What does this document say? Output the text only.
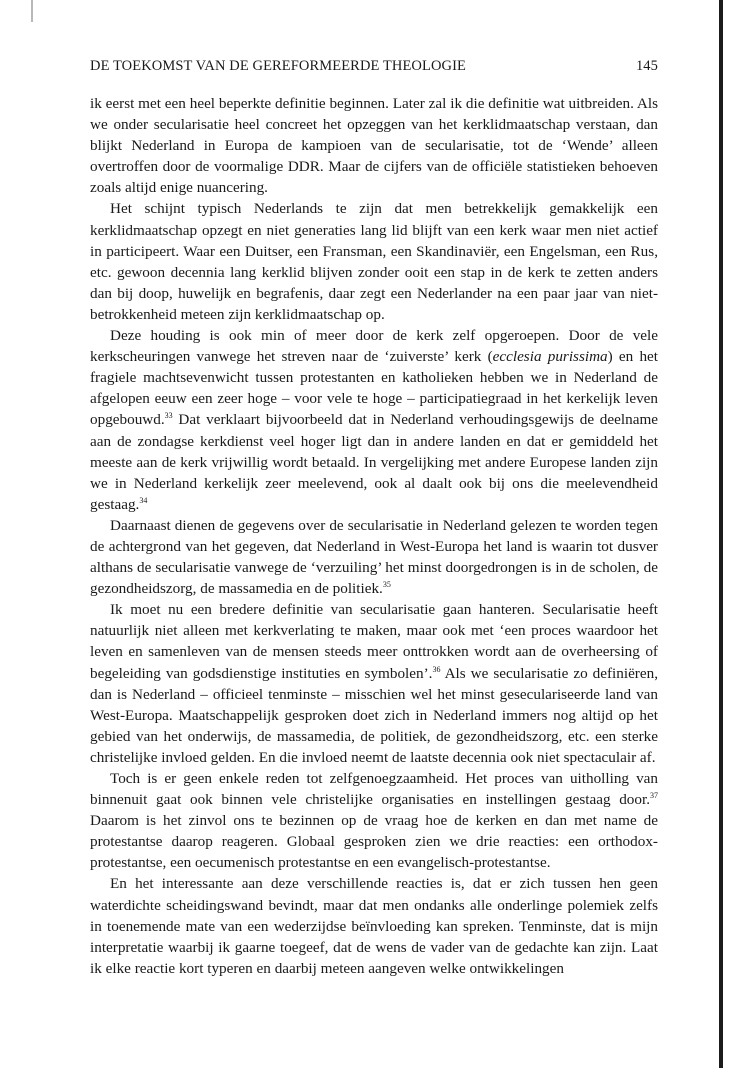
DE TOEKOMST VAN DE GEREFORMEERDE THEOLOGIE	145

ik eerst met een heel beperkte definitie beginnen. Later zal ik die definitie wat uitbreiden. Als we onder secularisatie heel concreet het opzeggen van het kerklidmaatschap verstaan, dan blijkt Nederland in Europa de kampioen van de secularisatie, tot de ‘Wende’ alleen overtroffen door de voormalige DDR. Maar de cijfers van de officiële statistieken behoeven zoals altijd enige nuancering.

Het schijnt typisch Nederlands te zijn dat men betrekkelijk gemakkelijk een kerklidmaatschap opzegt en niet generaties lang lid blijft van een kerk waar men niet actief in participeert. Waar een Duitser, een Fransman, een Skandinaviër, een Engelsman, een Rus, etc. gewoon decennia lang kerklid blijven zonder ooit een stap in de kerk te zetten anders dan bij doop, huwelijk en begrafenis, daar zegt een Nederlander na een paar jaar van niet-betrokkenheid meteen zijn kerklidmaatschap op.

Deze houding is ook min of meer door de kerk zelf opgeroepen. Door de vele kerkscheuringen vanwege het streven naar de ‘zuiverste’ kerk (ecclesia purissima) en het fragiele machtsevenwicht tussen protestanten en katholieken hebben we in Nederland de afgelopen eeuw een zeer hoge – voor vele te hoge – participatiegraad in het kerkelijk leven opgebouwd.$^{33}$ Dat verklaart bijvoorbeeld dat in Nederland verhoudingsgewijs de deelname aan de zondagse kerkdienst veel hoger ligt dan in andere landen en dat er gemiddeld het meeste aan de kerk vrijwillig wordt betaald. In vergelijking met andere Europese landen zijn we in Nederland kerkelijk zeer meelevend, ook al daalt ook bij ons die meelevendheid gestaag.$^{34}$

Daarnaast dienen de gegevens over de secularisatie in Nederland gelezen te worden tegen de achtergrond van het gegeven, dat Nederland in West-Europa het land is waarin tot dusver althans de secularisatie vanwege de ‘verzuiling’ het minst doorgedrongen is in de scholen, de gezondheidszorg, de massamedia en de politiek.$^{35}$

Ik moet nu een bredere definitie van secularisatie gaan hanteren. Secularisatie heeft natuurlijk niet alleen met kerkverlating te maken, maar ook met ‘een proces waardoor het leven en samenleven van de mensen steeds meer onttrokken wordt aan de overheersing of begeleiding van godsdienstige instituties en symbolen’.$^{36}$ Als we secularisatie zo definiëren, dan is Nederland – officieel tenminste – misschien wel het minst geseculariseerde land van West-Europa. Maatschappelijk gesproken doet zich in Nederland immers nog altijd op het gebied van het onderwijs, de massamedia, de politiek, de gezondheidszorg, etc. een sterke christelijke invloed gelden. En die invloed neemt de laatste decennia ook niet spectaculair af.

Toch is er geen enkele reden tot zelfgenoegzaamheid. Het proces van uitholling van binnenuit gaat ook binnen vele christelijke organisaties en instellingen gestaag door.$^{37}$ Daarom is het zinvol ons te bezinnen op de vraag hoe de kerken en dan met name de protestantse daarop reageren. Globaal gesproken zien we drie reacties: een orthodox-protestantse, een oecumenisch protestantse en een evangelisch-protestantse.

En het interessante aan deze verschillende reacties is, dat er zich tussen hen geen waterdichte scheidingswand bevindt, maar dat men ondanks alle onderlinge polemiek zelfs in toenemende mate van een wederzijdse beïnvloeding kan spreken. Tenminste, dat is mijn interpretatie waarbij ik gaarne toegeef, dat de wens de vader van de gedachte kan zijn. Laat ik elke reactie kort typeren en daarbij meteen aangeven welke ontwikkelingen
